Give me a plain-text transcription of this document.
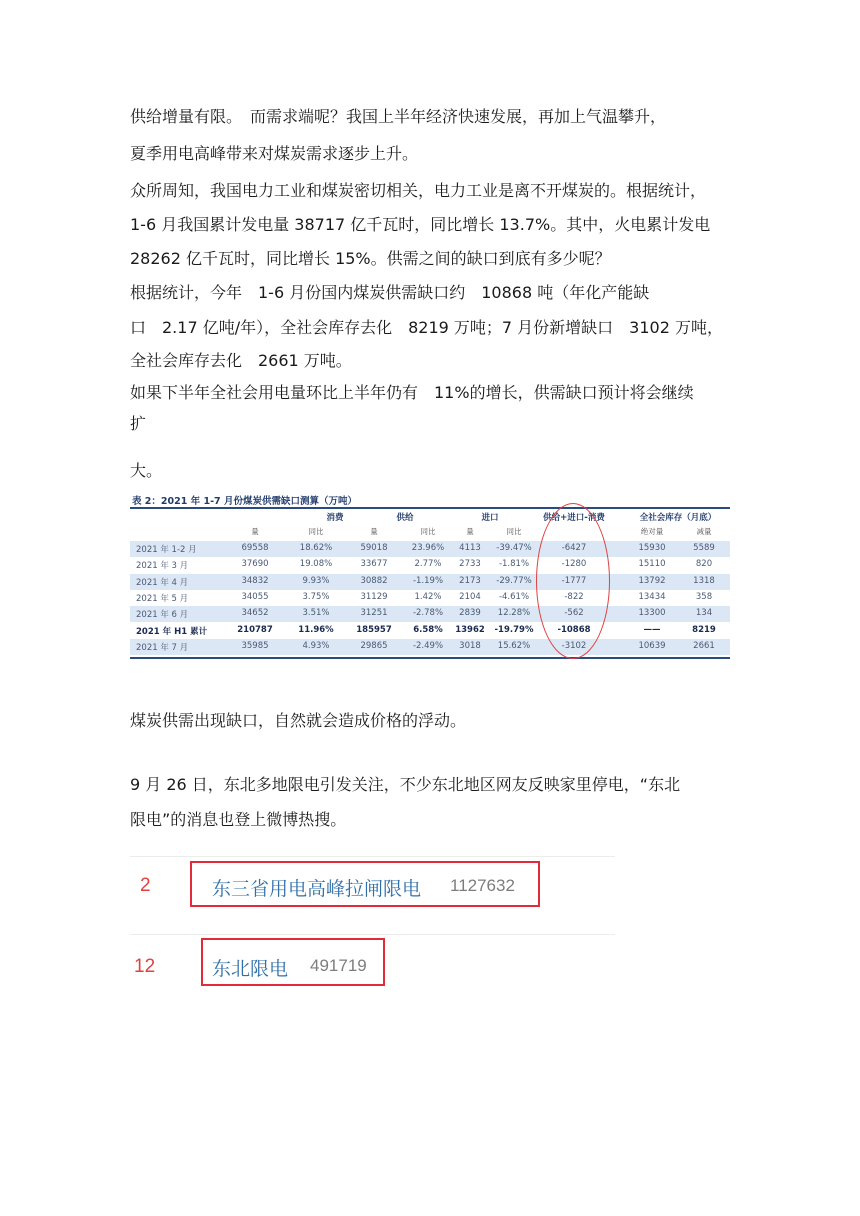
供给增量有限。　而需求端呢？我国上半年经济快速发展，再加上气温攀升，
夏季用电高峰带来对煤炭需求逐步上升。
众所周知，我国电力工业和煤炭密切相关，电力工业是离不开煤炭的。根据统计，
1-6 月我国累计发电量 38717 亿千瓦时，同比增长 13.7%。其中，火电累计发电
28262 亿千瓦时，同比增长 15%。供需之间的缺口到底有多少呢？
根据统计，今年　1-6 月份国内煤炭供需缺口约　10868 吨（年化产能缺
口　2.17 亿吨/年），全社会库存去化　8219 万吨；7 月份新增缺口　3102 万吨，
全社会库存去化　2661 万吨。
如果下半年全社会用电量环比上半年仍有　11%的增长，供需缺口预计将会继续
扩
大。
表 2：2021 年 1-7 月份煤炭供需缺口测算（万吨）
消费	供给	进口	供给+进口-消费	全社会库存（月底）
量	同比	量	同比	量	同比	绝对量	减量
2021 年 1-2 月	69558	18.62%	59018	23.96%	4113	-39.47%	-6427	15930	5589
2021 年 3 月	37690	19.08%	33677	2.77%	2733	-1.81%	-1280	15110	820
2021 年 4 月	34832	9.93%	30882	-1.19%	2173	-29.77%	-1777	13792	1318
2021 年 5 月	34055	3.75%	31129	1.42%	2104	-4.61%	-822	13434	358
2021 年 6 月	34652	3.51%	31251	-2.78%	2839	12.28%	-562	13300	134
2021 年 H1 累计	210787	11.96%	185957	6.58%	13962	-19.79%	-10868	——	8219
2021 年 7 月	35985	4.93%	29865	-2.49%	3018	15.62%	-3102	10639	2661
煤炭供需出现缺口，自然就会造成价格的浮动。
9 月 26 日，东北多地限电引发关注，不少东北地区网友反映家里停电，“东北
限电”的消息也登上微博热搜。
2	东三省用电高峰拉闸限电 1127632
12	东北限电 491719
